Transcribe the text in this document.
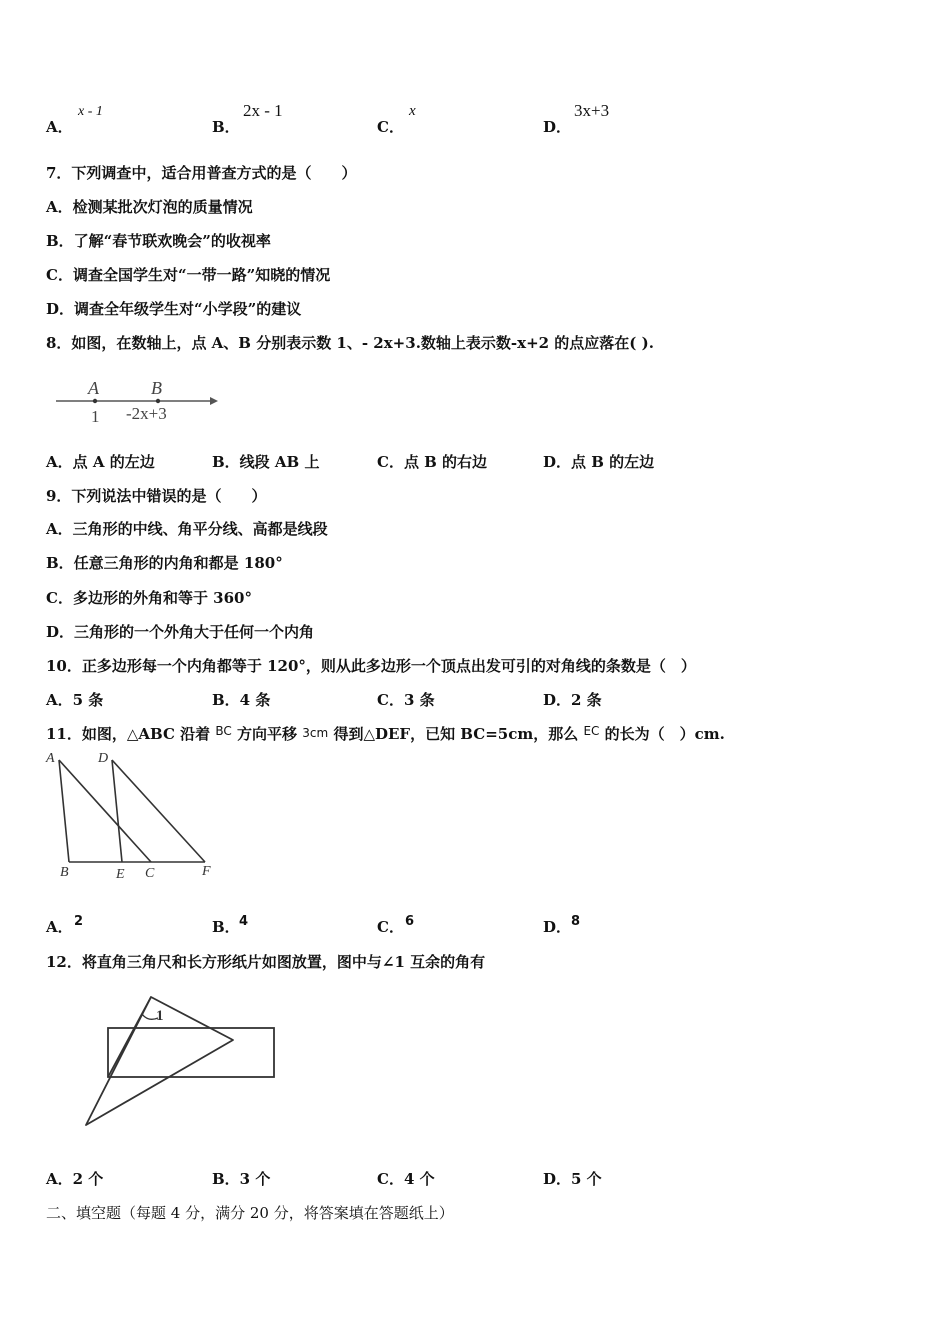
A．
x - 1
B．
2x - 1
C．
x
D．
3x+3
7．下列调查中，适合用普查方式的是（　　）
A．检测某批次灯泡的质量情况
B．了解“春节联欢晚会”的收视率
C．调查全国学生对“一带一路”知晓的情况
D．调查全年级学生对“小学段”的建议
8．如图，在数轴上，点 A、B 分别表示数 1、- 2x+3.数轴上表示数-x+2 的点应落在( ).
A	B
1 -2x+3
A．点 A 的左边	B．线段 AB 上	C．点 B 的右边	D．点 B 的左边
9．下列说法中错误的是（　　）
A．三角形的中线、角平分线、高都是线段
B．任意三角形的内角和都是 180°
C．多边形的外角和等于 360°
D．三角形的一个外角大于任何一个内角
10．正多边形每一个内角都等于 120°，则从此多边形一个顶点出发可引的对角线的条数是（　）
A．5 条	B．4 条	C．3 条	D．2 条
11．如图，△ABC 沿着 $^{BC}$ 方向平移 3cm 得到△DEF，已知 BC=5cm，那么 $^{EC}$ 的长为（　）cm.
A	D
B	E C	F
A． 2	B． 4	C． 6	D． 8
12．将直角三角尺和长方形纸片如图放置，图中与∠1 互余的角有
1
A．2 个	B．3 个	C．4 个	D．5 个
二、填空题（每题 4 分，满分 20 分，将答案填在答题纸上）
